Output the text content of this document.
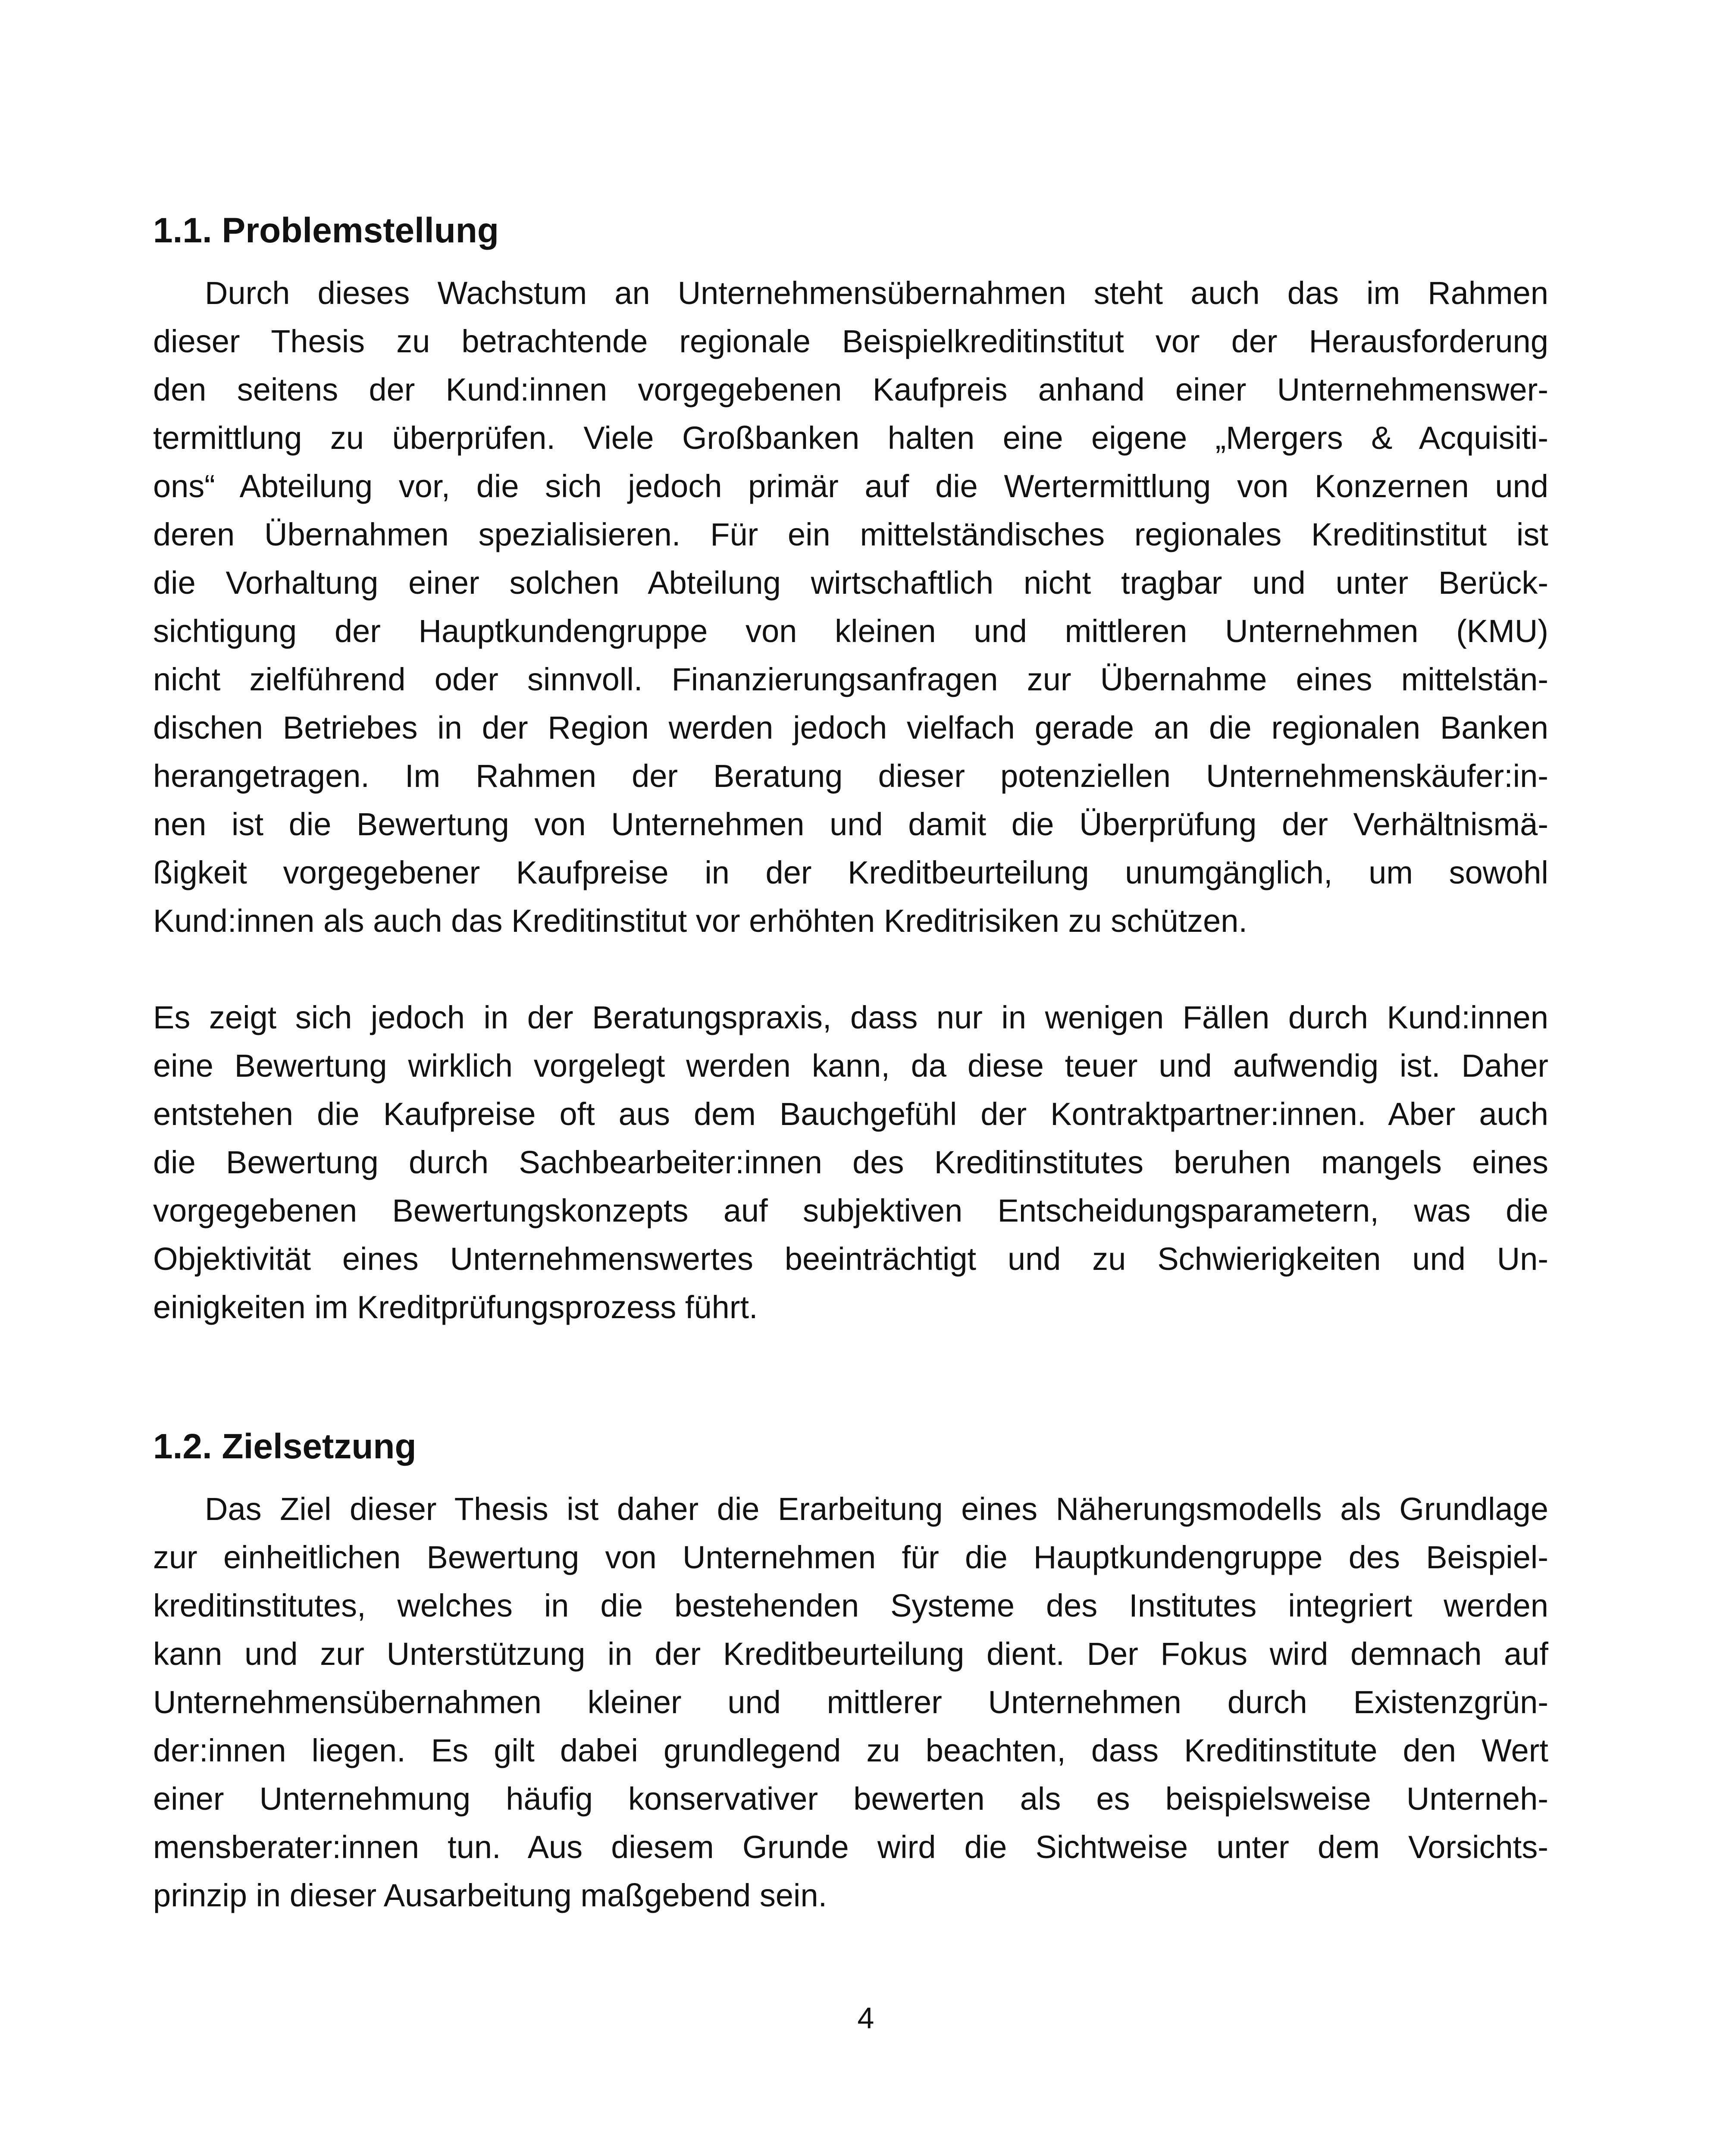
1.1. Problemstellung

Durch dieses Wachstum an Unternehmensübernahmen steht auch das im Rahmen

dieser Thesis zu betrachtende regionale Beispielkreditinstitut vor der Herausforderung

den seitens der Kund:innen vorgegebenen Kaufpreis anhand einer Unternehmenswer-

termittlung zu überprüfen. Viele Großbanken halten eine eigene „Mergers & Acquisiti-

ons“ Abteilung vor, die sich jedoch primär auf die Wertermittlung von Konzernen und

deren Übernahmen spezialisieren. Für ein mittelständisches regionales Kreditinstitut ist

die Vorhaltung einer solchen Abteilung wirtschaftlich nicht tragbar und unter Berück-

sichtigung der Hauptkundengruppe von kleinen und mittleren Unternehmen (KMU)

nicht zielführend oder sinnvoll. Finanzierungsanfragen zur Übernahme eines mittelstän-

dischen Betriebes in der Region werden jedoch vielfach gerade an die regionalen Banken

herangetragen. Im Rahmen der Beratung dieser potenziellen Unternehmenskäufer:in-

nen ist die Bewertung von Unternehmen und damit die Überprüfung der Verhältnismä-

ßigkeit vorgegebener Kaufpreise in der Kreditbeurteilung unumgänglich, um sowohl

Kund:innen als auch das Kreditinstitut vor erhöhten Kreditrisiken zu schützen.

Es zeigt sich jedoch in der Beratungspraxis, dass nur in wenigen Fällen durch Kund:innen

eine Bewertung wirklich vorgelegt werden kann, da diese teuer und aufwendig ist. Daher

entstehen die Kaufpreise oft aus dem Bauchgefühl der Kontraktpartner:innen. Aber auch

die Bewertung durch Sachbearbeiter:innen des Kreditinstitutes beruhen mangels eines

vorgegebenen Bewertungskonzepts auf subjektiven Entscheidungsparametern, was die

Objektivität eines Unternehmenswertes beeinträchtigt und zu Schwierigkeiten und Un-

einigkeiten im Kreditprüfungsprozess führt.

1.2. Zielsetzung

Das Ziel dieser Thesis ist daher die Erarbeitung eines Näherungsmodells als Grundlage

zur einheitlichen Bewertung von Unternehmen für die Hauptkundengruppe des Beispiel-

kreditinstitutes, welches in die bestehenden Systeme des Institutes integriert werden

kann und zur Unterstützung in der Kreditbeurteilung dient. Der Fokus wird demnach auf

Unternehmensübernahmen kleiner und mittlerer Unternehmen durch Existenzgrün-

der:innen liegen. Es gilt dabei grundlegend zu beachten, dass Kreditinstitute den Wert

einer Unternehmung häufig konservativer bewerten als es beispielsweise Unterneh-

mensberater:innen tun. Aus diesem Grunde wird die Sichtweise unter dem Vorsichts-

prinzip in dieser Ausarbeitung maßgebend sein.

4
